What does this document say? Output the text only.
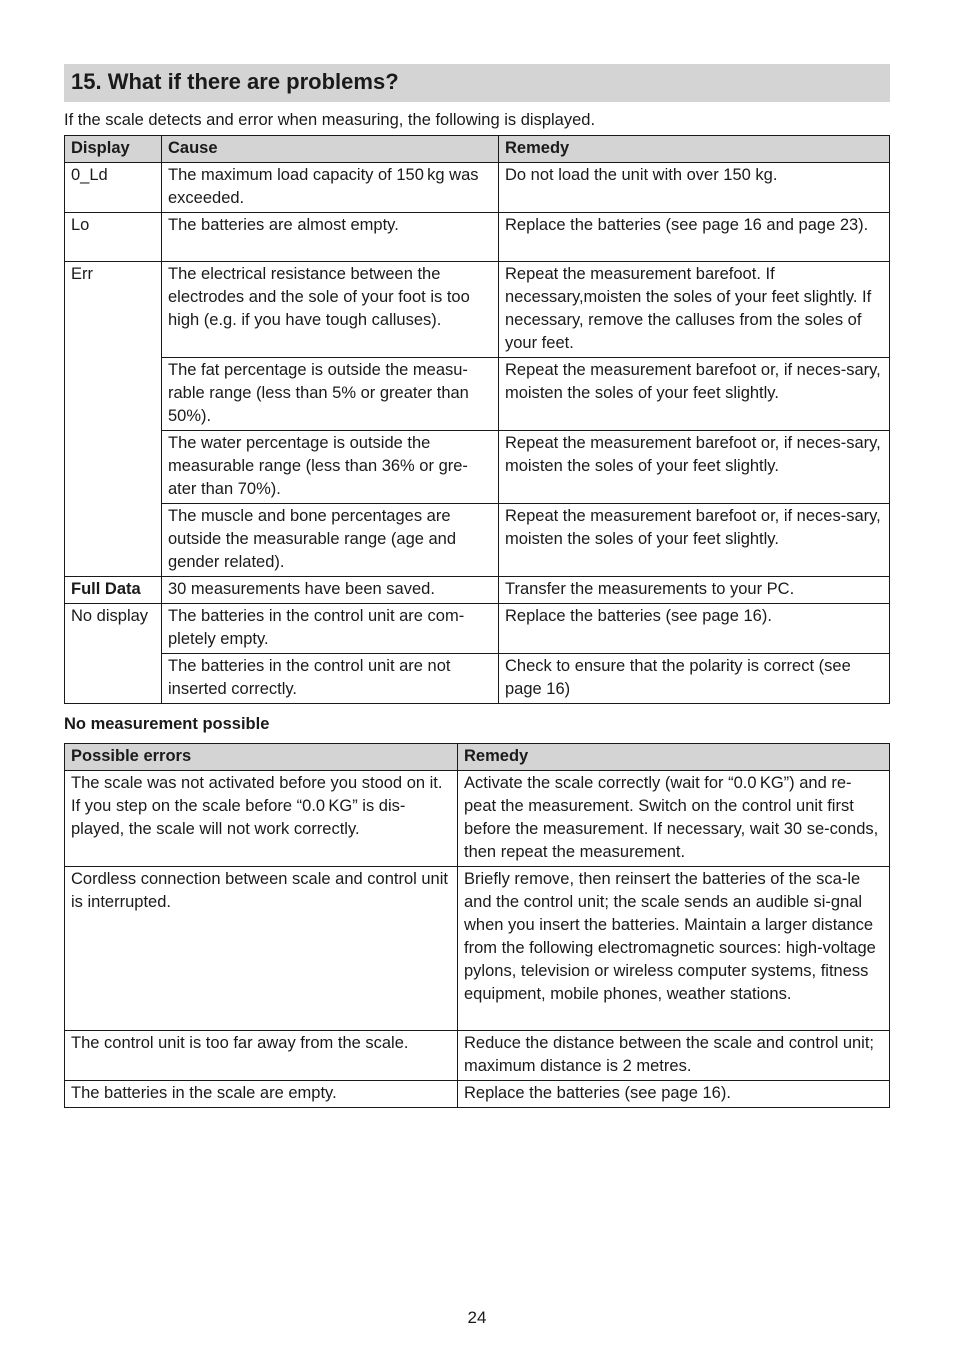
15. What if there are problems?

If the scale detects and error when measuring, the following is displayed.

Display	Cause	Remedy
0_Ld	The maximum load capacity of 150 kg was exceeded.	Do not load the unit with over 150 kg.
Lo	The batteries are almost empty.	Replace the batteries (see page 16 and page 23).
Err	The electrical resistance between the electrodes and the sole of your foot is too high (e.g. if you have tough calluses).	Repeat the measurement barefoot. If necessary,moisten the soles of your feet slightly. If necessary, remove the calluses from the soles of your feet.
	The fat percentage is outside the measu-rable range (less than 5% or greater than 50%).	Repeat the measurement barefoot or, if neces-sary, moisten the soles of your feet slightly.
	The water percentage is outside the measurable range (less than 36% or gre-ater than 70%).	Repeat the measurement barefoot or, if neces-sary, moisten the soles of your feet slightly.
	The muscle and bone percentages are outside the measurable range (age and gender related).	Repeat the measurement barefoot or, if neces-sary, moisten the soles of your feet slightly.
Full Data	30 measurements have been saved.	Transfer the measurements to your PC.
No display	The batteries in the control unit are com-pletely empty.	Replace the batteries (see page 16).
	The batteries in the control unit are not inserted correctly.	Check to ensure that the polarity is correct (see page 16)
No measurement possible
Possible errors	Remedy
The scale was not activated before you stood on it. If you step on the scale before “0.0 KG” is dis-played, the scale will not work correctly.	Activate the scale correctly (wait for “0.0 KG”) and re-peat the measurement. Switch on the control unit first before the measurement. If necessary, wait 30 se-conds, then repeat the measurement.
Cordless connection between scale and control unit is interrupted.	Briefly remove, then reinsert the batteries of the sca-le and the control unit; the scale sends an audible si-gnal when you insert the batteries. Maintain a larger distance from the following electromagnetic sources: high-voltage pylons, television or wireless computer systems, fitness equipment, mobile phones, weather stations.
The control unit is too far away from the scale.	Reduce the distance between the scale and control unit; maximum distance is 2 metres.
The batteries in the scale are empty.	Replace the batteries (see page 16).
24
